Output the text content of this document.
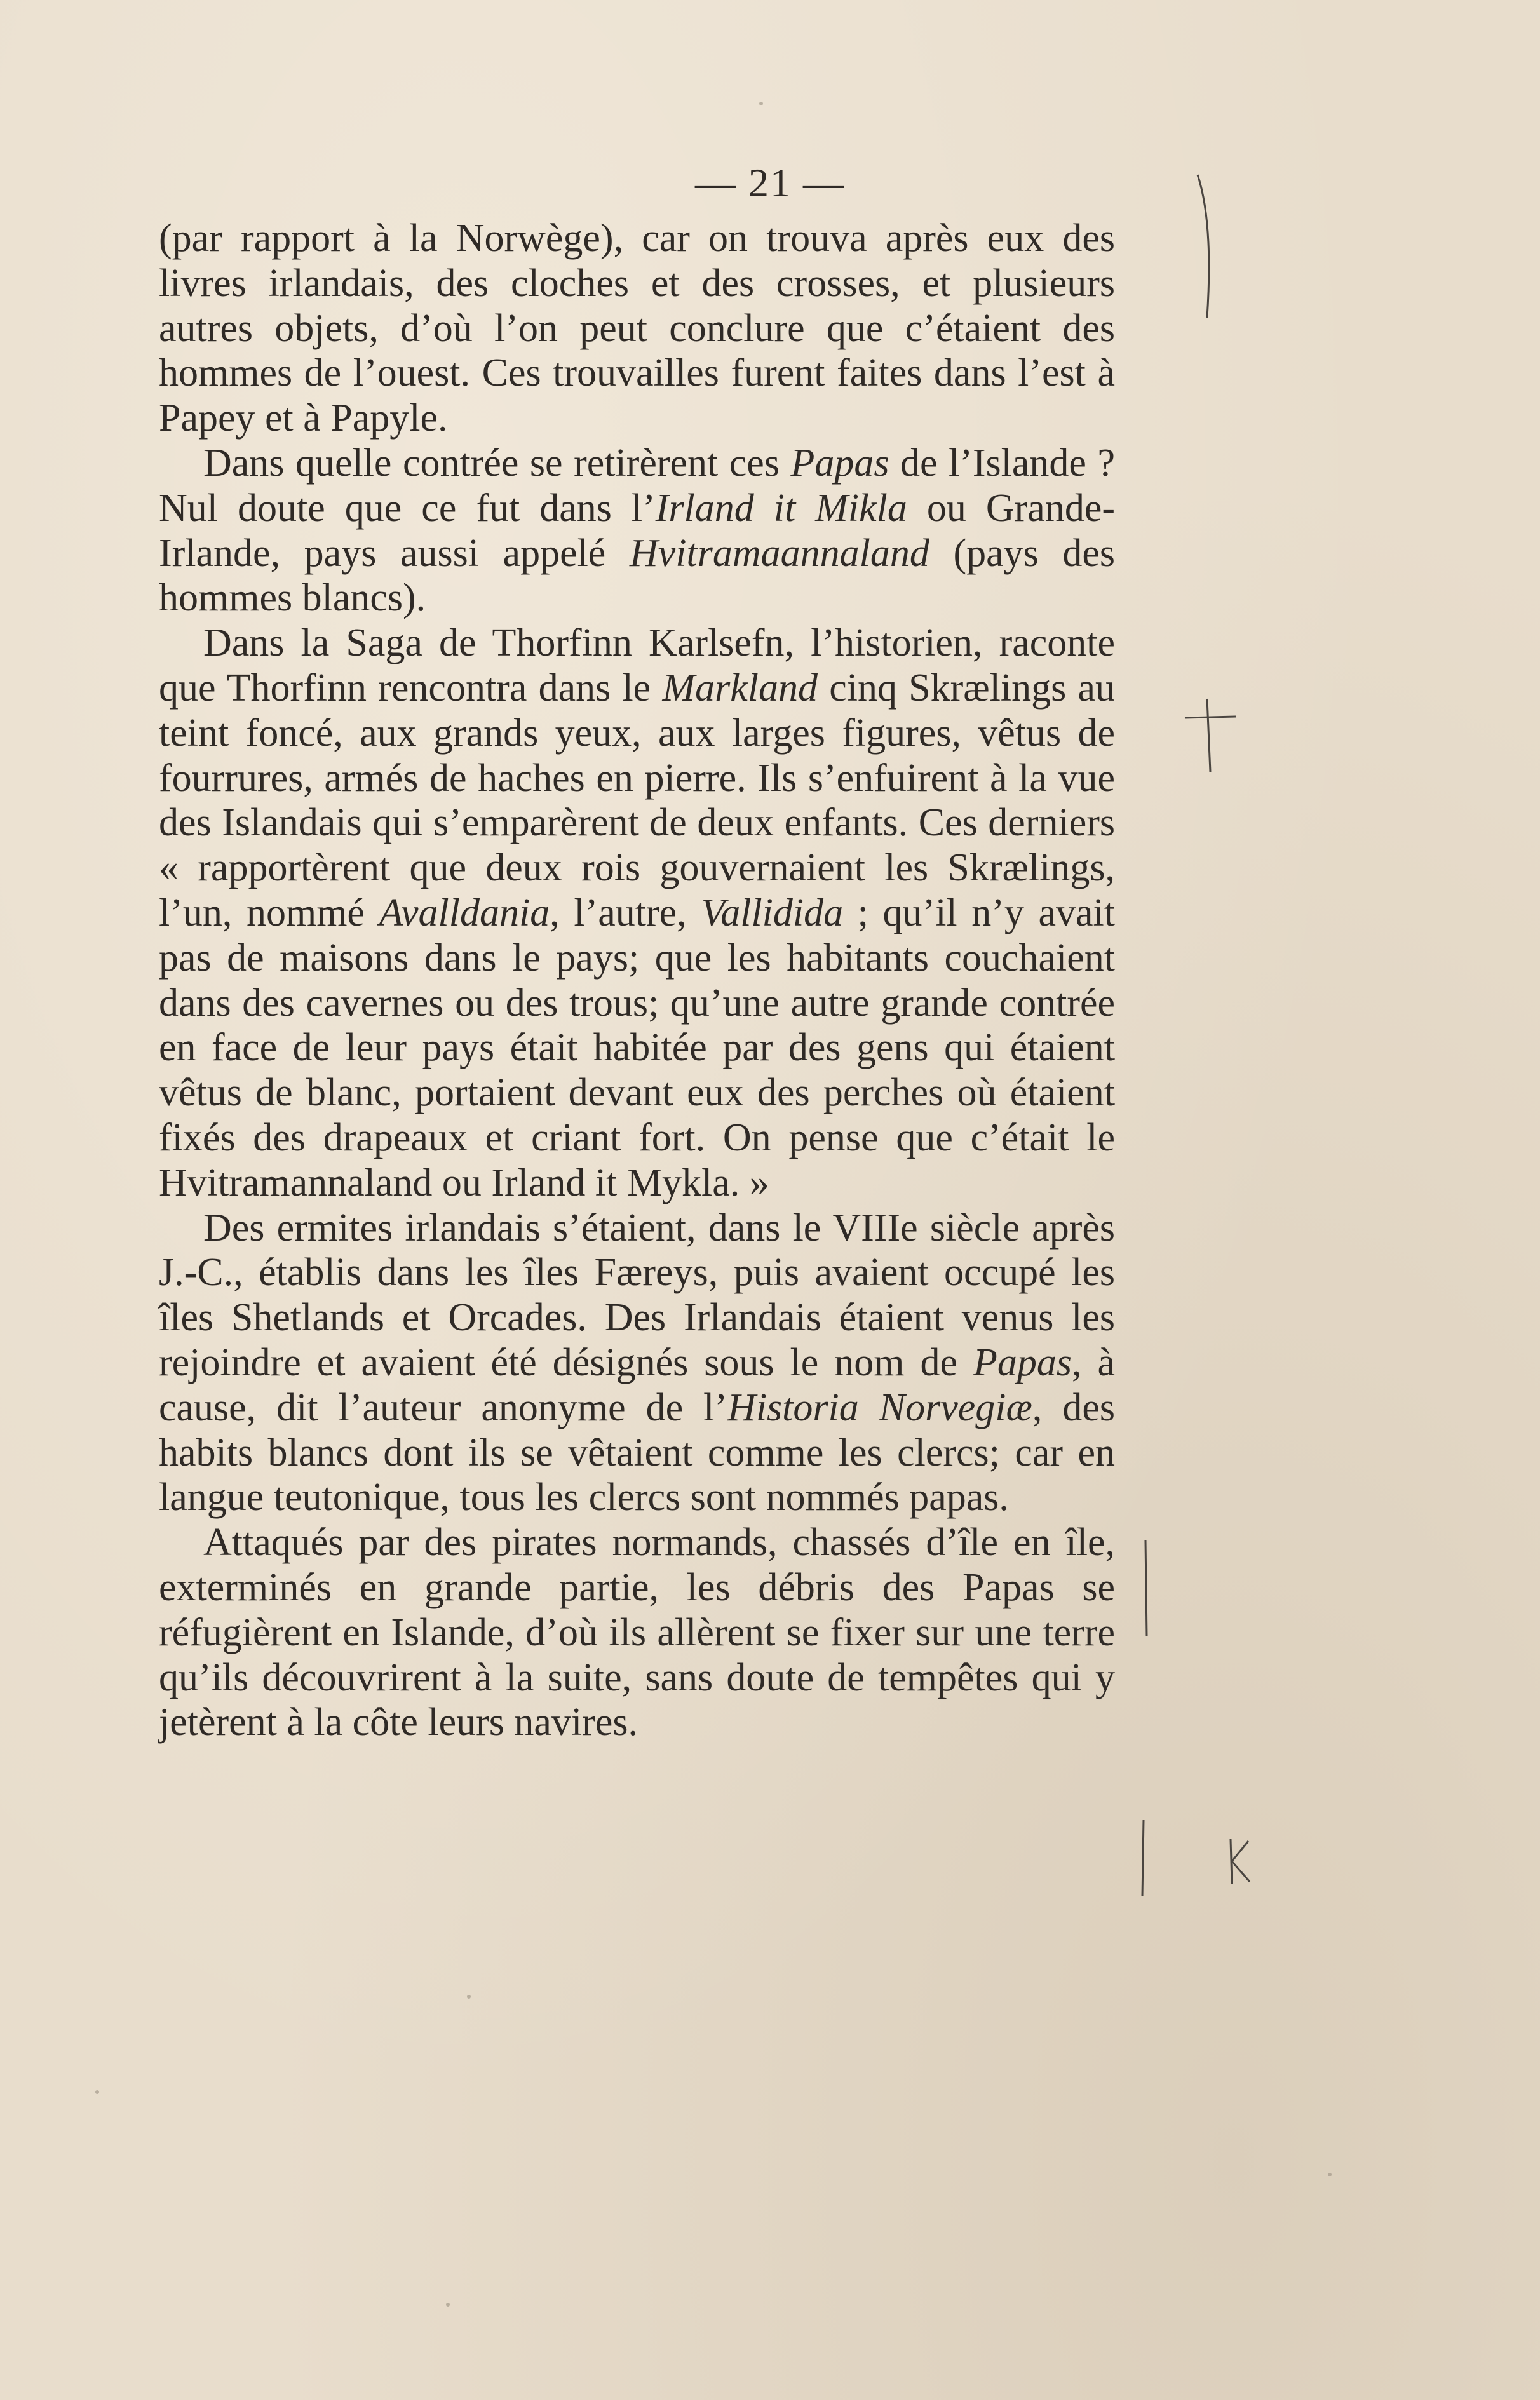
— 21 —

(par rapport à la Norwège), car on trouva après eux des livres irlandais, des cloches et des crosses, et plusieurs autres objets, d’où l’on peut conclure que c’étaient des hommes de l’ouest. Ces trouvailles furent faites dans l’est à Papey et à Papyle.

Dans quelle contrée se retirèrent ces Papas de l’Islande ? Nul doute que ce fut dans l’Irland it Mikla ou Grande-Irlande, pays aussi appelé Hvitramaannaland (pays des hommes blancs).

Dans la Saga de Thorfinn Karlsefn, l’historien, raconte que Thorfinn rencontra dans le Markland cinq Skrælings au teint foncé, aux grands yeux, aux larges figures, vêtus de fourrures, armés de haches en pierre. Ils s’enfuirent à la vue des Islandais qui s’emparèrent de deux enfants. Ces derniers « rapportèrent que deux rois gouvernaient les Skrælings, l’un, nommé Avalldania, l’autre, Vallidida ; qu’il n’y avait pas de maisons dans le pays; que les habitants couchaient dans des cavernes ou des trous; qu’une autre grande contrée en face de leur pays était habitée par des gens qui étaient vêtus de blanc, portaient devant eux des perches où étaient fixés des drapeaux et criant fort. On pense que c’était le Hvitramannaland ou Irland it Mykla. »

Des ermites irlandais s’étaient, dans le VIIIe siècle après J.-C., établis dans les îles Færeys, puis avaient occupé les îles Shetlands et Orcades. Des Irlandais étaient venus les rejoindre et avaient été désignés sous le nom de Papas, à cause, dit l’auteur anonyme de l’Historia Norvegiæ, des habits blancs dont ils se vêtaient comme les clercs; car en langue teutonique, tous les clercs sont nommés papas.

Attaqués par des pirates normands, chassés d’île en île, exterminés en grande partie, les débris des Papas se réfugièrent en Islande, d’où ils allèrent se fixer sur une terre qu’ils découvrirent à la suite, sans doute de tempêtes qui y jetèrent à la côte leurs navires.
